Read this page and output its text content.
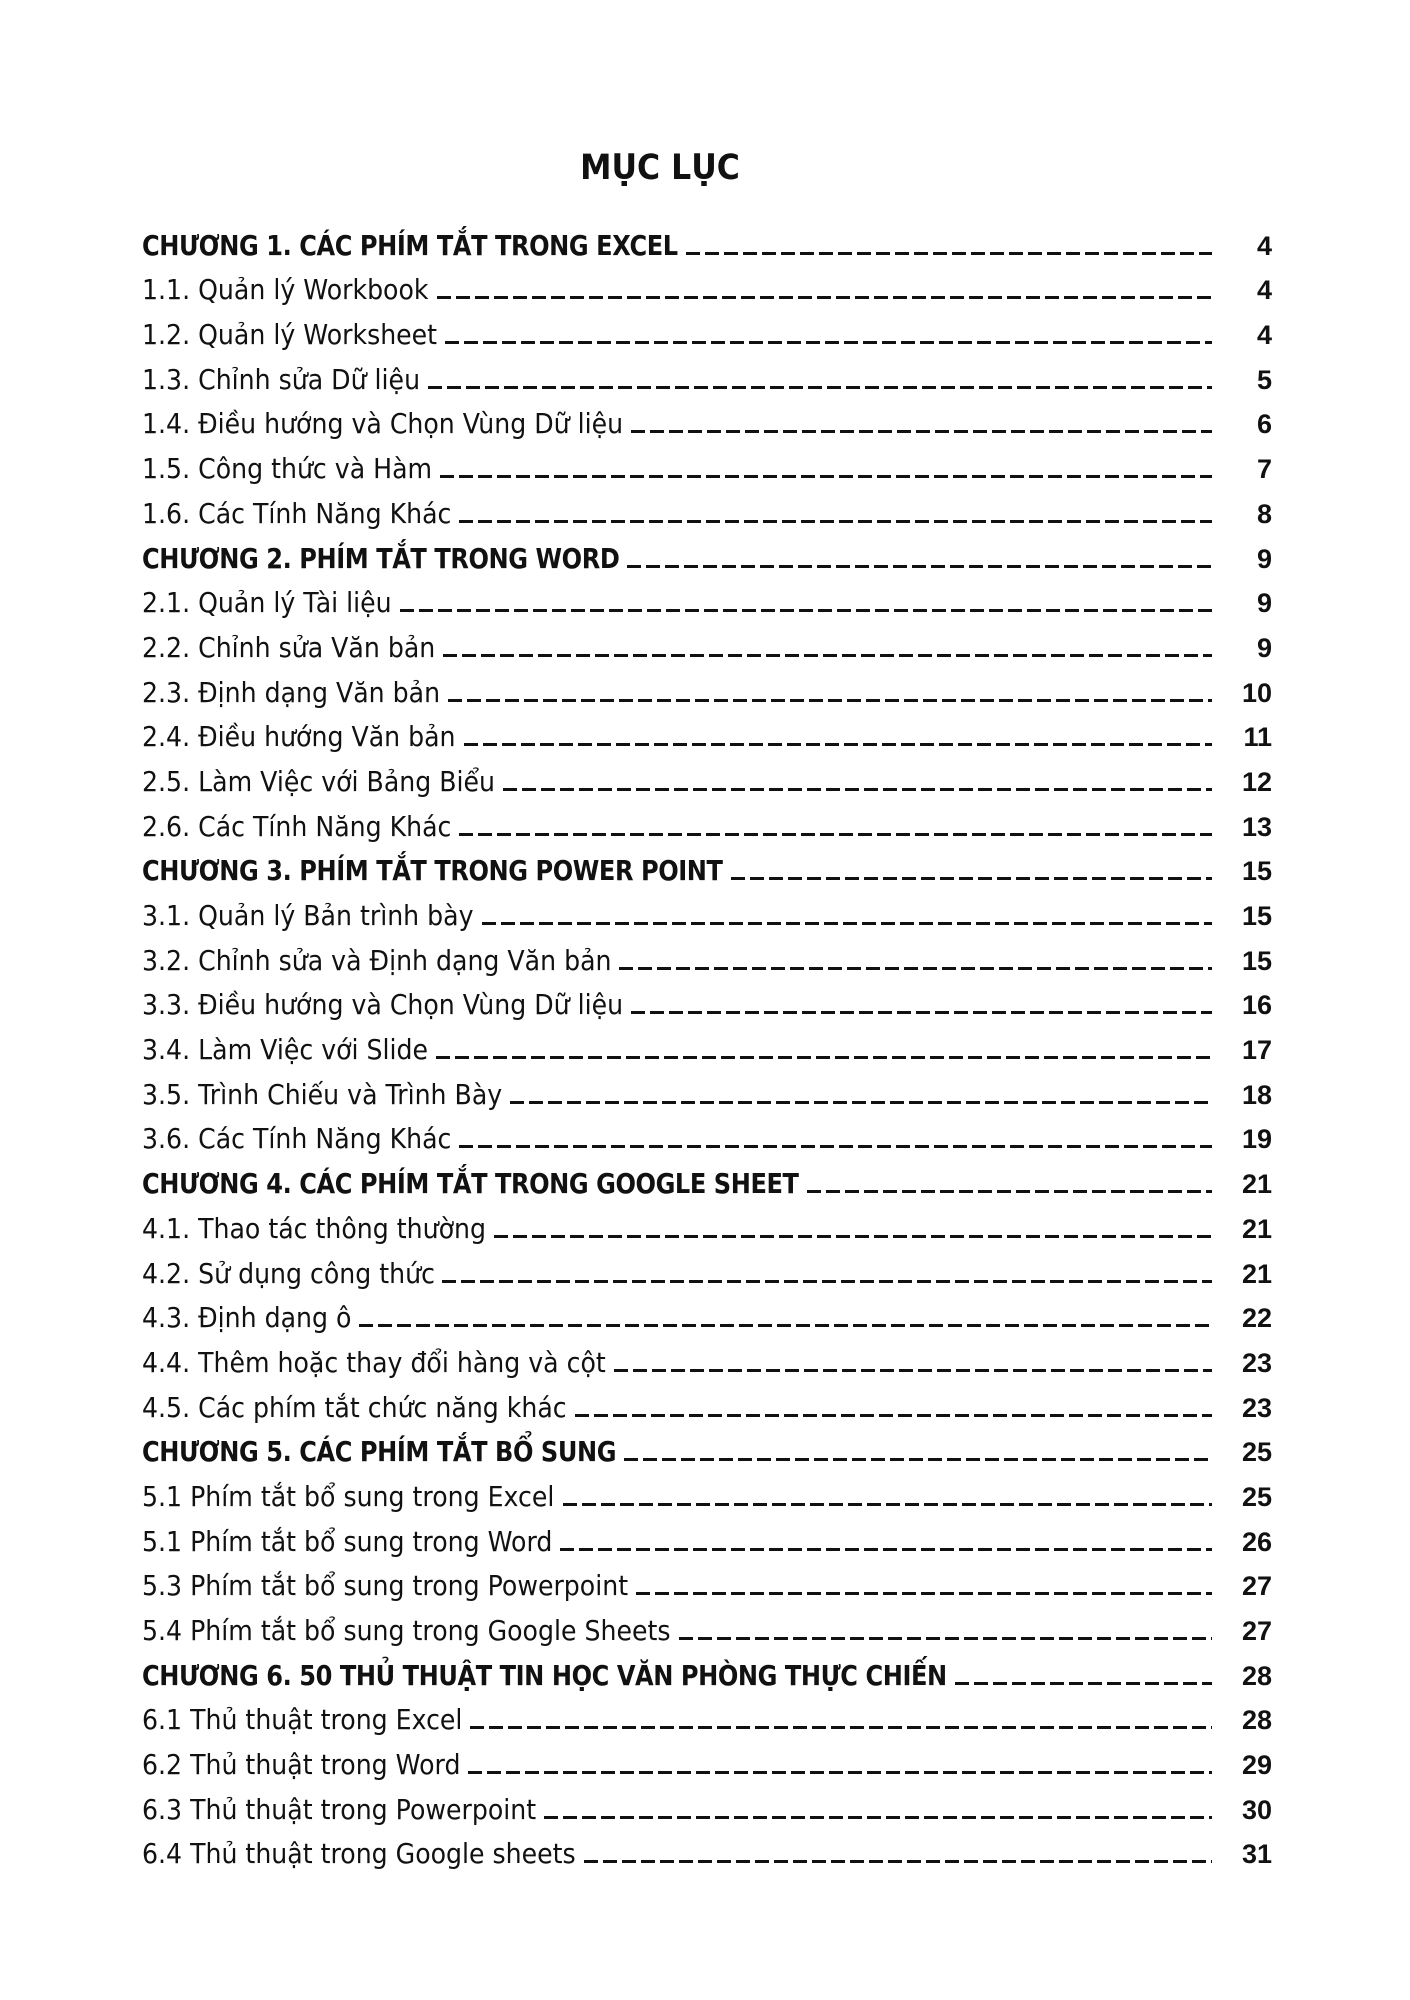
MỤC LỤC
CHƯƠNG 1. CÁC PHÍM TẮT TRONG EXCEL	4
1.1. Quản lý Workbook	4
1.2. Quản lý Worksheet	4
1.3. Chỉnh sửa Dữ liệu	5
1.4. Điều hướng và Chọn Vùng Dữ liệu	6
1.5. Công thức và Hàm	7
1.6. Các Tính Năng Khác	8
CHƯƠNG 2. PHÍM TẮT TRONG WORD	9
2.1. Quản lý Tài liệu	9
2.2. Chỉnh sửa Văn bản	9
2.3. Định dạng Văn bản	10
2.4. Điều hướng Văn bản	11
2.5. Làm Việc với Bảng Biểu	12
2.6. Các Tính Năng Khác	13
CHƯƠNG 3. PHÍM TẮT TRONG POWER POINT	15
3.1. Quản lý Bản trình bày	15
3.2. Chỉnh sửa và Định dạng Văn bản	15
3.3. Điều hướng và Chọn Vùng Dữ liệu	16
3.4. Làm Việc với Slide	17
3.5. Trình Chiếu và Trình Bày	18
3.6. Các Tính Năng Khác	19
CHƯƠNG 4. CÁC PHÍM TẮT TRONG GOOGLE SHEET	21
4.1. Thao tác thông thường	21
4.2. Sử dụng công thức	21
4.3. Định dạng ô	22
4.4. Thêm hoặc thay đổi hàng và cột	23
4.5. Các phím tắt chức năng khác	23
CHƯƠNG 5. CÁC PHÍM TẮT BỔ SUNG	25
5.1 Phím tắt bổ sung trong Excel	25
5.1 Phím tắt bổ sung trong Word	26
5.3 Phím tắt bổ sung trong Powerpoint	27
5.4 Phím tắt bổ sung trong Google Sheets	27
CHƯƠNG 6. 50 THỦ THUẬT TIN HỌC VĂN PHÒNG THỰC CHIẾN	28
6.1 Thủ thuật trong Excel	28
6.2 Thủ thuật trong Word	29
6.3 Thủ thuật trong Powerpoint	30
6.4 Thủ thuật trong Google sheets	31
